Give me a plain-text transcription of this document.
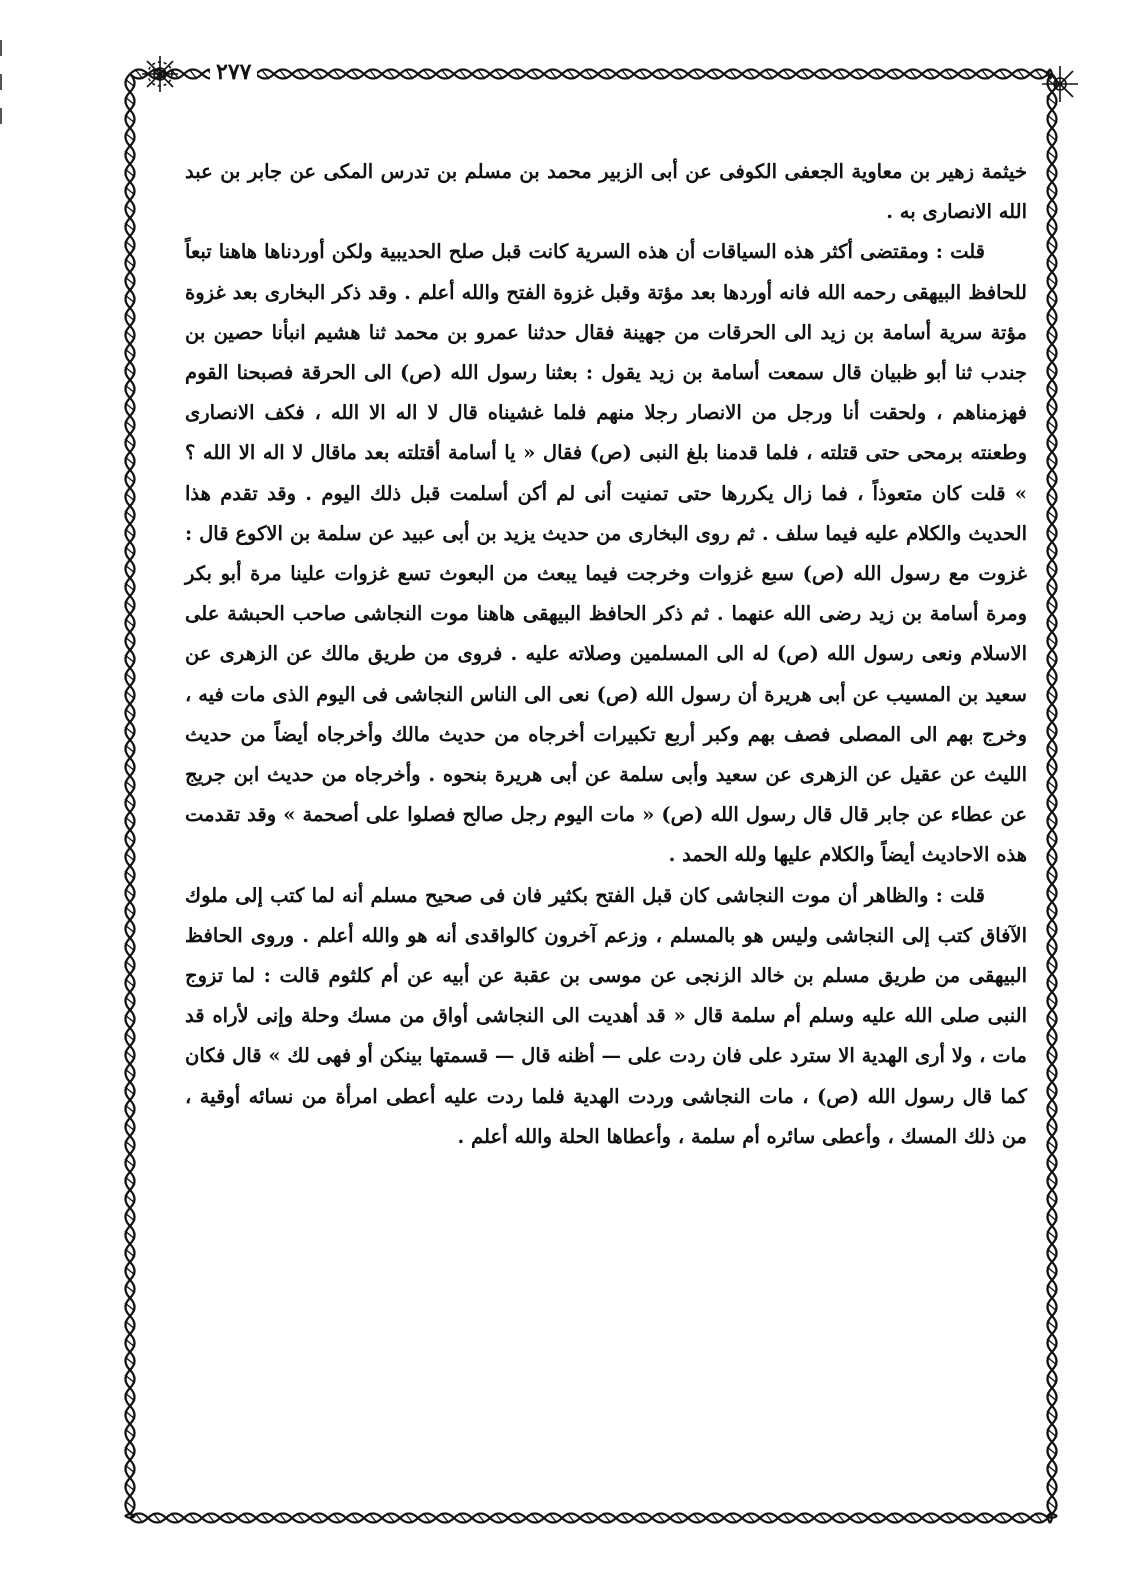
٢٧٧

خيثمة زهير بن معاوية الجعفى الكوفى عن أبى الزبير محمد بن مسلم بن تدرس المكى عن جابر بن عبد الله الانصارى به .

قلت : ومقتضى أكثر هذه السياقات أن هذه السرية كانت قبل صلح الحديبية ولكن أوردناها هاهنا تبعاً للحافظ البيهقى رحمه الله فانه أوردها بعد مؤتة وقبل غزوة الفتح والله أعلم . وقد ذكر البخارى بعد غزوة مؤتة سرية أسامة بن زيد الى الحرقات من جهينة فقال حدثنا عمرو بن محمد ثنا هشيم انبأنا حصين بن جندب ثنا أبو ظبيان قال سمعت أسامة بن زيد يقول : بعثنا رسول الله (ص) الى الحرقة فصبحنا القوم فهزمناهم ، ولحقت أنا ورجل من الانصار رجلا منهم فلما غشيناه قال لا اله الا الله ، فكف الانصارى وطعنته برمحى حتى قتلته ، فلما قدمنا بلغ النبى (ص) فقال « يا أسامة أقتلته بعد ماقال لا اله الا الله ؟ » قلت كان متعوذاً ، فما زال يكررها حتى تمنيت أنى لم أكن أسلمت قبل ذلك اليوم . وقد تقدم هذا الحديث والكلام عليه فيما سلف . ثم روى البخارى من حديث يزيد بن أبى عبيد عن سلمة بن الاكوع قال : غزوت مع رسول الله (ص) سبع غزوات وخرجت فيما يبعث من البعوث تسع غزوات علينا مرة أبو بكر ومرة أسامة بن زيد رضى الله عنهما . ثم ذكر الحافظ البيهقى هاهنا موت النجاشى صاحب الحبشة على الاسلام ونعى رسول الله (ص) له الى المسلمين وصلاته عليه . فروى من طريق مالك عن الزهرى عن سعيد بن المسيب عن أبى هريرة أن رسول الله (ص) نعى الى الناس النجاشى فى اليوم الذى مات فيه ، وخرج بهم الى المصلى فصف بهم وكبر أربع تكبيرات أخرجاه من حديث مالك وأخرجاه أيضاً من حديث الليث عن عقيل عن الزهرى عن سعيد وأبى سلمة عن أبى هريرة بنحوه . وأخرجاه من حديث ابن جريج عن عطاء عن جابر قال قال رسول الله (ص) « مات اليوم رجل صالح فصلوا على أصحمة » وقد تقدمت هذه الاحاديث أيضاً والكلام عليها ولله الحمد .

قلت : والظاهر أن موت النجاشى كان قبل الفتح بكثير فان فى صحيح مسلم أنه لما كتب إلى ملوك الآفاق كتب إلى النجاشى وليس هو بالمسلم ، وزعم آخرون كالواقدى أنه هو والله أعلم . وروى الحافظ البيهقى من طريق مسلم بن خالد الزنجى عن موسى بن عقبة عن أبيه عن أم كلثوم قالت : لما تزوج النبى صلى الله عليه وسلم أم سلمة قال « قد أهديت الى النجاشى أواق من مسك وحلة وإنى لأراه قد مات ، ولا أرى الهدية الا سترد على فان ردت على — أظنه قال — قسمتها بينكن أو فهى لك » قال فكان كما قال رسول الله (ص) ، مات النجاشى وردت الهدية فلما ردت عليه أعطى امرأة من نسائه أوقية ، من ذلك المسك ، وأعطى سائره أم سلمة ، وأعطاها الحلة والله أعلم .
